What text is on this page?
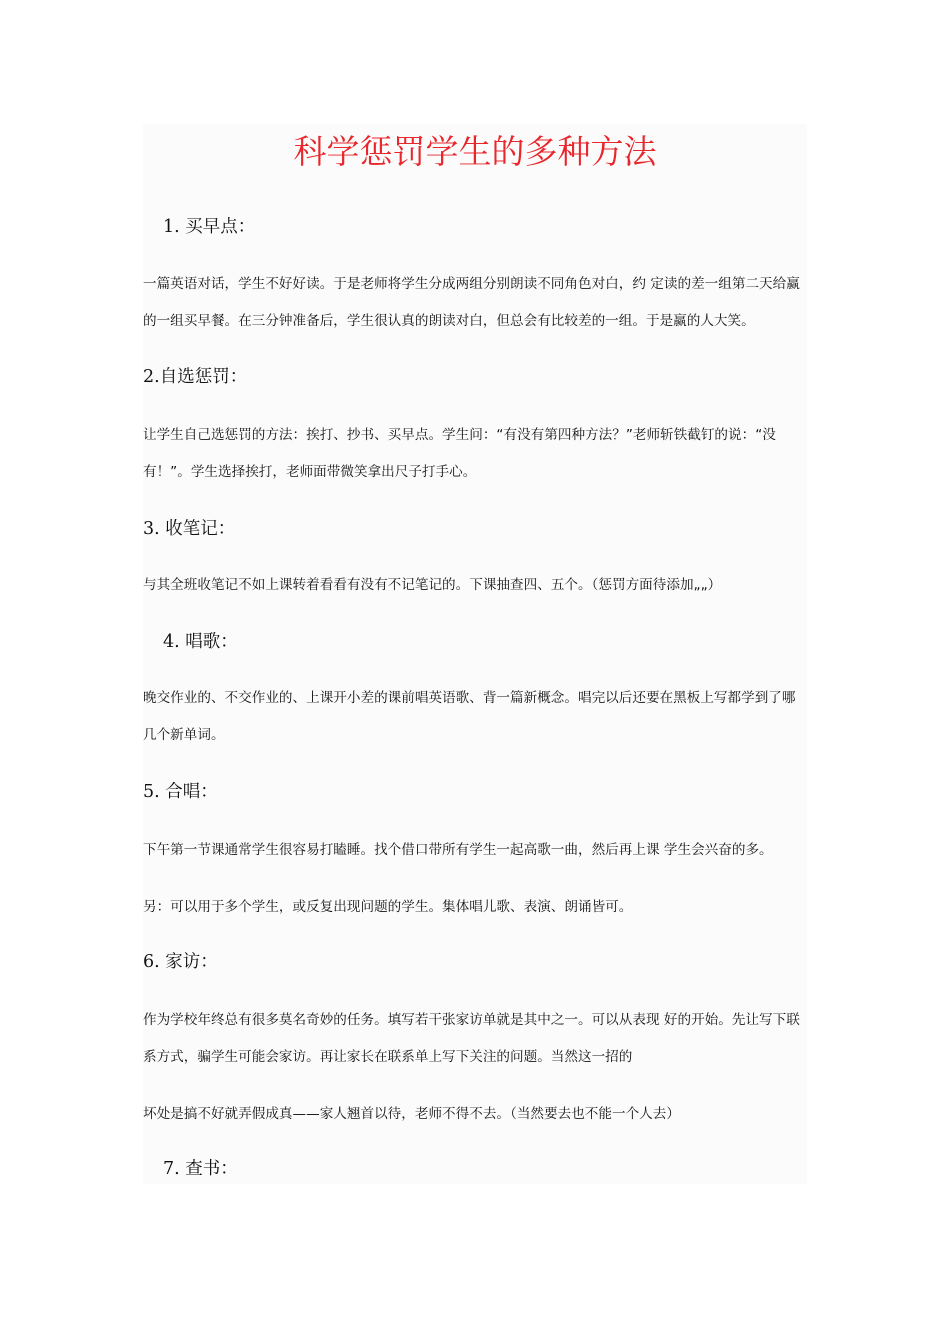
科学惩罚学生的多种方法
1. 买早点：

一篇英语对话，学生不好好读。于是老师将学生分成两组分别朗读不同角色对白，约 定读的差一组第二天给赢的一组买早餐。在三分钟准备后，学生很认真的朗读对白，但总会有比较差的一组。于是赢的人大笑。

2.自选惩罚：

让学生自己选惩罚的方法：挨打、抄书、买早点。学生问：“有没有第四种方法？”老师斩铁截钉的说：“没有！”。学生选择挨打，老师面带微笑拿出尺子打手心。

3. 收笔记：

与其全班收笔记不如上课转着看看有没有不记笔记的。下课抽查四、五个。（惩罚方面待添加„„）

4. 唱歌：

晚交作业的、不交作业的、上课开小差的课前唱英语歌、背一篇新概念。唱完以后还要在黑板上写都学到了哪几个新单词。

5. 合唱：

下午第一节课通常学生很容易打瞌睡。找个借口带所有学生一起高歌一曲，然后再上课 学生会兴奋的多。

另：可以用于多个学生，或反复出现问题的学生。集体唱儿歌、表演、朗诵皆可。

6. 家访：

作为学校年终总有很多莫名奇妙的任务。填写若干张家访单就是其中之一。可以从表现 好的开始。先让写下联系方式，骗学生可能会家访。再让家长在联系单上写下关注的问题。当然这一招的

坏处是搞不好就弄假成真——家人翘首以待，老师不得不去。（当然要去也不能一个人去）

7. 查书：
